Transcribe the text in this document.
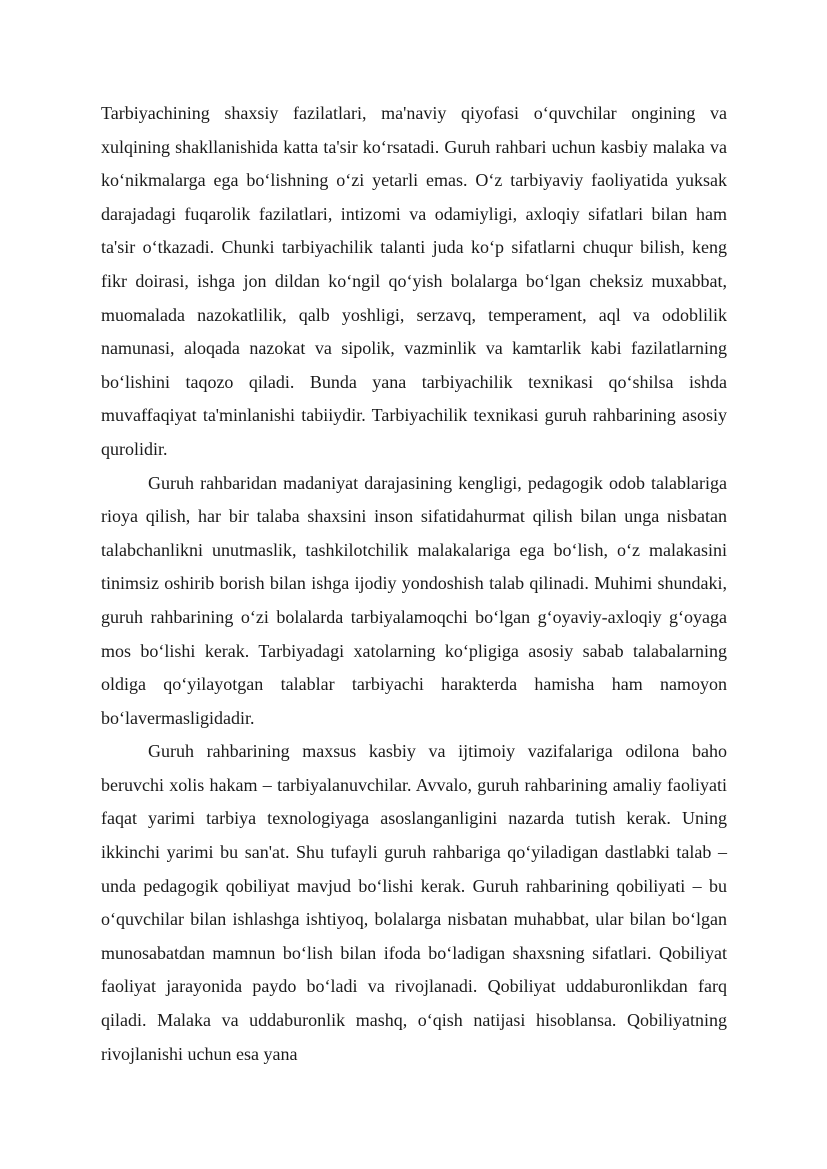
Tarbiyachining shaxsiy fazilatlari, ma'naviy qiyofasi o‘quvchilar ongining va xulqining shakllanishida katta ta'sir ko‘rsatadi. Guruh rahbari uchun kasbiy malaka va ko‘nikmalarga ega bo‘lishning o‘zi yetarli emas. O‘z tarbiyaviy faoliyatida yuksak darajadagi fuqarolik fazilatlari, intizomi va odamiyligi, axloqiy sifatlari bilan ham ta'sir o‘tkazadi. Chunki tarbiyachilik talanti juda ko‘p sifatlarni chuqur bilish, keng fikr doirasi, ishga jon dildan ko‘ngil qo‘yish bolalarga bo‘lgan cheksiz muxabbat, muomalada nazokatlilik, qalb yoshligi, serzavq, temperament, aql va odoblilik namunasi, aloqada nazokat va sipolik, vazminlik va kamtarlik kabi fazilatlarning bo‘lishini taqozo qiladi. Bunda yana tarbiyachilik texnikasi qo‘shilsa ishda muvaffaqiyat ta'minlanishi tabiiydir. Tarbiyachilik texnikasi guruh rahbarining asosiy qurolidir.

Guruh rahbaridan madaniyat darajasining kengligi, pedagogik odob talablariga rioya qilish, har bir talaba shaxsini inson sifatidahurmat qilish bilan unga nisbatan talabchanlikni unutmaslik, tashkilotchilik malakalariga ega bo‘lish, o‘z malakasini tinimsiz oshirib borish bilan ishga ijodiy yondoshish talab qilinadi. Muhimi shundaki, guruh rahbarining o‘zi bolalarda tarbiyalamoqchi bo‘lgan g‘oyaviy-axloqiy g‘oyaga mos bo‘lishi kerak. Tarbiyadagi xatolarning ko‘pligiga asosiy sabab talabalarning oldiga qo‘yilayotgan talablar tarbiyachi harakterda hamisha ham namoyon bo‘lavermasligidadir.

Guruh rahbarining maxsus kasbiy va ijtimoiy vazifalariga odilona baho beruvchi xolis hakam – tarbiyalanuvchilar. Avvalo, guruh rahbarining amaliy faoliyati faqat yarimi tarbiya texnologiyaga asoslanganligini nazarda tutish kerak. Uning ikkinchi yarimi bu san'at. Shu tufayli guruh rahbariga qo‘yiladigan dastlabki talab – unda pedagogik qobiliyat mavjud bo‘lishi kerak. Guruh rahbarining qobiliyati – bu o‘quvchilar bilan ishlashga ishtiyoq, bolalarga nisbatan muhabbat, ular bilan bo‘lgan munosabatdan mamnun bo‘lish bilan ifoda bo‘ladigan shaxsning sifatlari. Qobiliyat faoliyat jarayonida paydo bo‘ladi va rivojlanadi. Qobiliyat uddaburonlikdan farq qiladi. Malaka va uddaburonlik mashq, o‘qish natijasi hisoblansa. Qobiliyatning rivojlanishi uchun esa yana
